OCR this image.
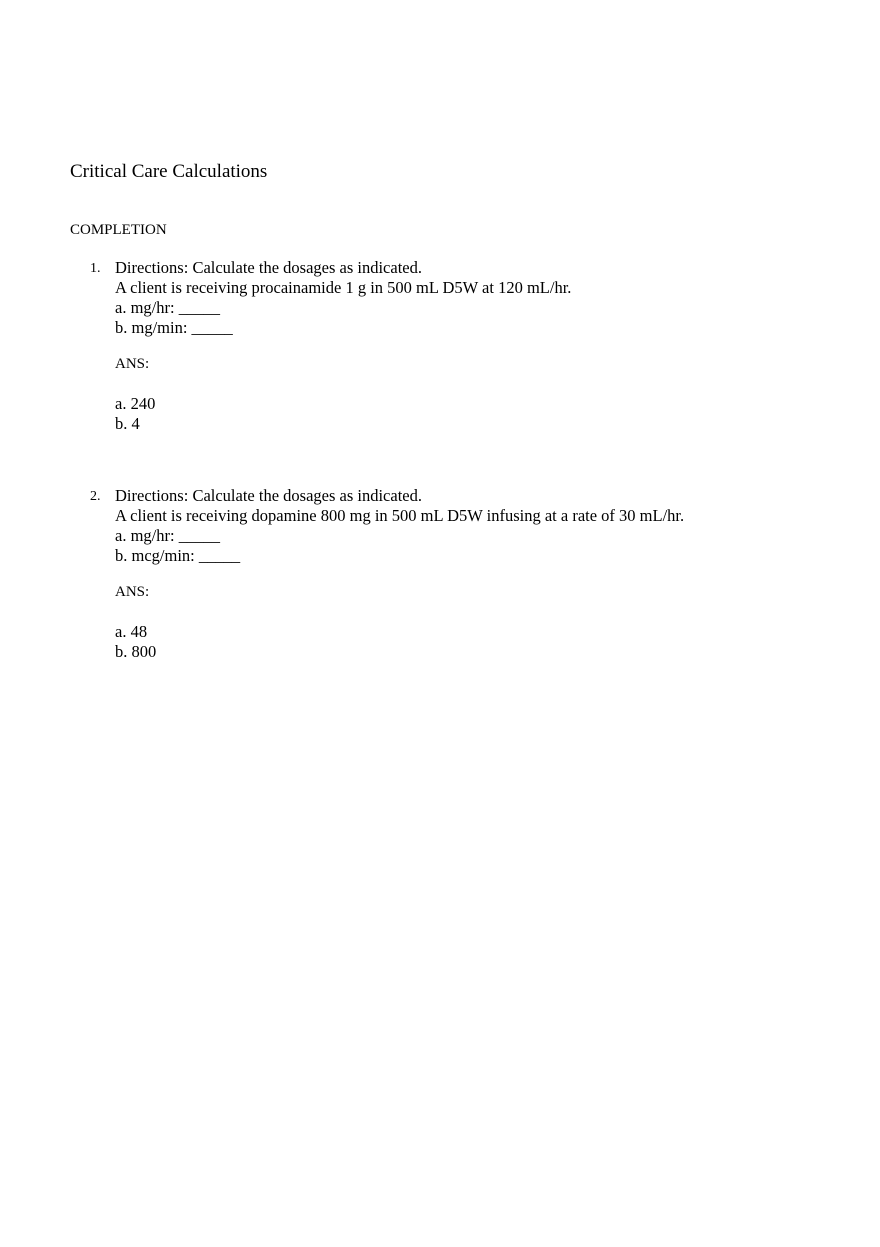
Critical Care Calculations
COMPLETION
1. Directions: Calculate the dosages as indicated.
A client is receiving procainamide 1 g in 500 mL D5W at 120 mL/hr.
a. mg/hr: _____
b. mg/min: _____
ANS:
a. 240
b. 4
2. Directions: Calculate the dosages as indicated.
A client is receiving dopamine 800 mg in 500 mL D5W infusing at a rate of 30 mL/hr.
a. mg/hr: _____
b. mcg/min: _____
ANS:
a. 48
b. 800
